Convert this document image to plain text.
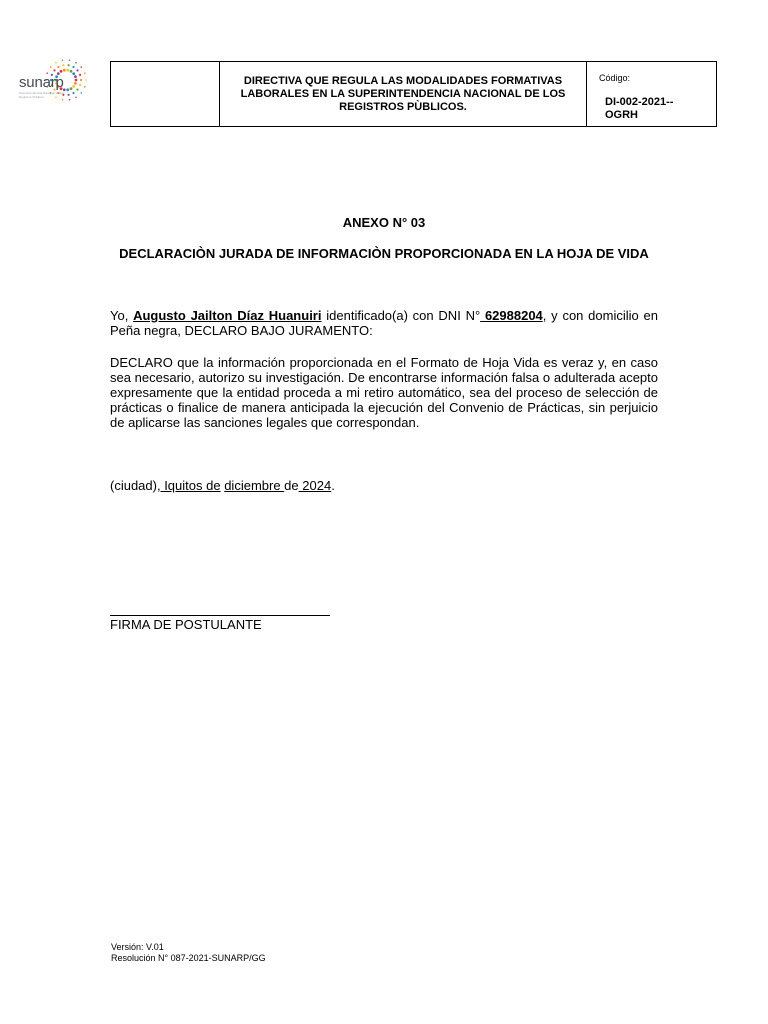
sunarp
Superintendencia Nacional de los Registros Públicos

DIRECTIVA QUE REGULA LAS MODALIDADES FORMATIVAS LABORALES EN LA SUPERINTENDENCIA NACIONAL DE LOS REGISTROS PÙBLICOS.

Código:
DI-002-2021--OGRH
ANEXO N° 03
DECLARACIÒN JURADA DE INFORMACIÒN PROPORCIONADA EN LA HOJA DE VIDA

Yo, Augusto Jailton Díaz Huanuiri identificado(a) con DNI N° 62988204, y con domicilio en Peña negra, DECLARO BAJO JURAMENTO:

DECLARO que la información proporcionada en el Formato de Hoja Vida es veraz y, en caso sea necesario, autorizo su investigación. De encontrarse información falsa o adulterada acepto expresamente que la entidad proceda a mi retiro automático, sea del proceso de selección de prácticas o finalice de manera anticipada la ejecución del Convenio de Prácticas, sin perjuicio de aplicarse las sanciones legales que correspondan.

(ciudad), Iquitos de diciembre de 2024.

FIRMA DE POSTULANTE
Versión: V.01
Resolución N° 087-2021-SUNARP/GG
